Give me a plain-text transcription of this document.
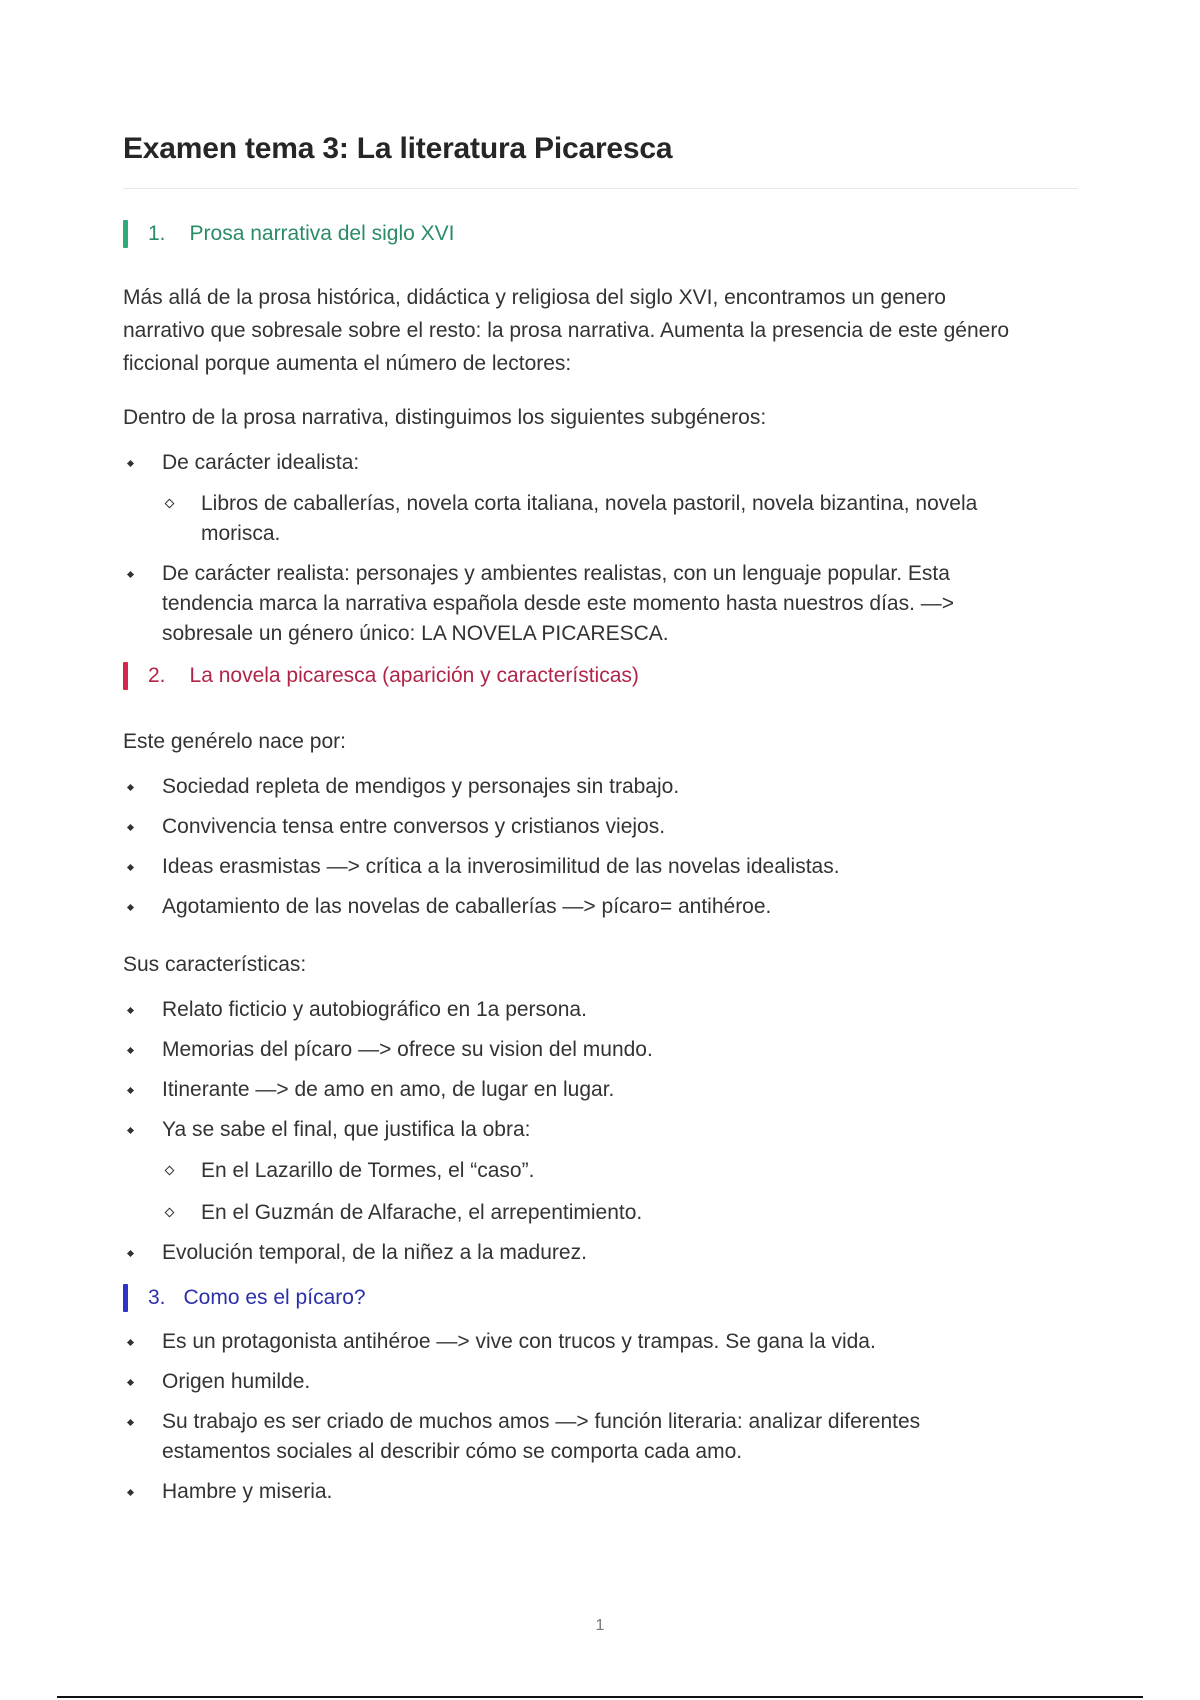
Examen tema 3: La literatura Picaresca
1. Prosa narrativa del siglo XVI

Más allá de la prosa histórica, didáctica y religiosa del siglo XVI, encontramos un genero

narrativo que sobresale sobre el resto: la prosa narrativa. Aumenta la presencia de este género

ficcional porque aumenta el número de lectores:

Dentro de la prosa narrativa, distinguimos los siguientes subgéneros:

De carácter idealista:
Libros de caballerías, novela corta italiana, novela pastoril, novela bizantina, novela
morisca.
De carácter realista: personajes y ambientes realistas, con un lenguaje popular. Esta
tendencia marca la narrativa española desde este momento hasta nuestros días. —>
sobresale un género único: LA NOVELA PICARESCA.
2. La novela picaresca (aparición y características)

Este genérelo nace por:

Sociedad repleta de mendigos y personajes sin trabajo.
Convivencia tensa entre conversos y cristianos viejos.
Ideas erasmistas —> crítica a la inverosimilitud de las novelas idealistas.
Agotamiento de las novelas de caballerías —> pícaro= antihéroe.

Sus características:

Relato ficticio y autobiográfico en 1a persona.
Memorias del pícaro —> ofrece su vision del mundo.
Itinerante —> de amo en amo, de lugar en lugar.
Ya se sabe el final, que justifica la obra:
En el Lazarillo de Tormes, el “caso”.
En el Guzmán de Alfarache, el arrepentimiento.
Evolución temporal, de la niñez a la madurez.
3. Como es el pícaro?
Es un protagonista antihéroe —> vive con trucos y trampas. Se gana la vida.
Origen humilde.
Su trabajo es ser criado de muchos amos —> función literaria: analizar diferentes
estamentos sociales al describir cómo se comporta cada amo.
Hambre y miseria.
1
